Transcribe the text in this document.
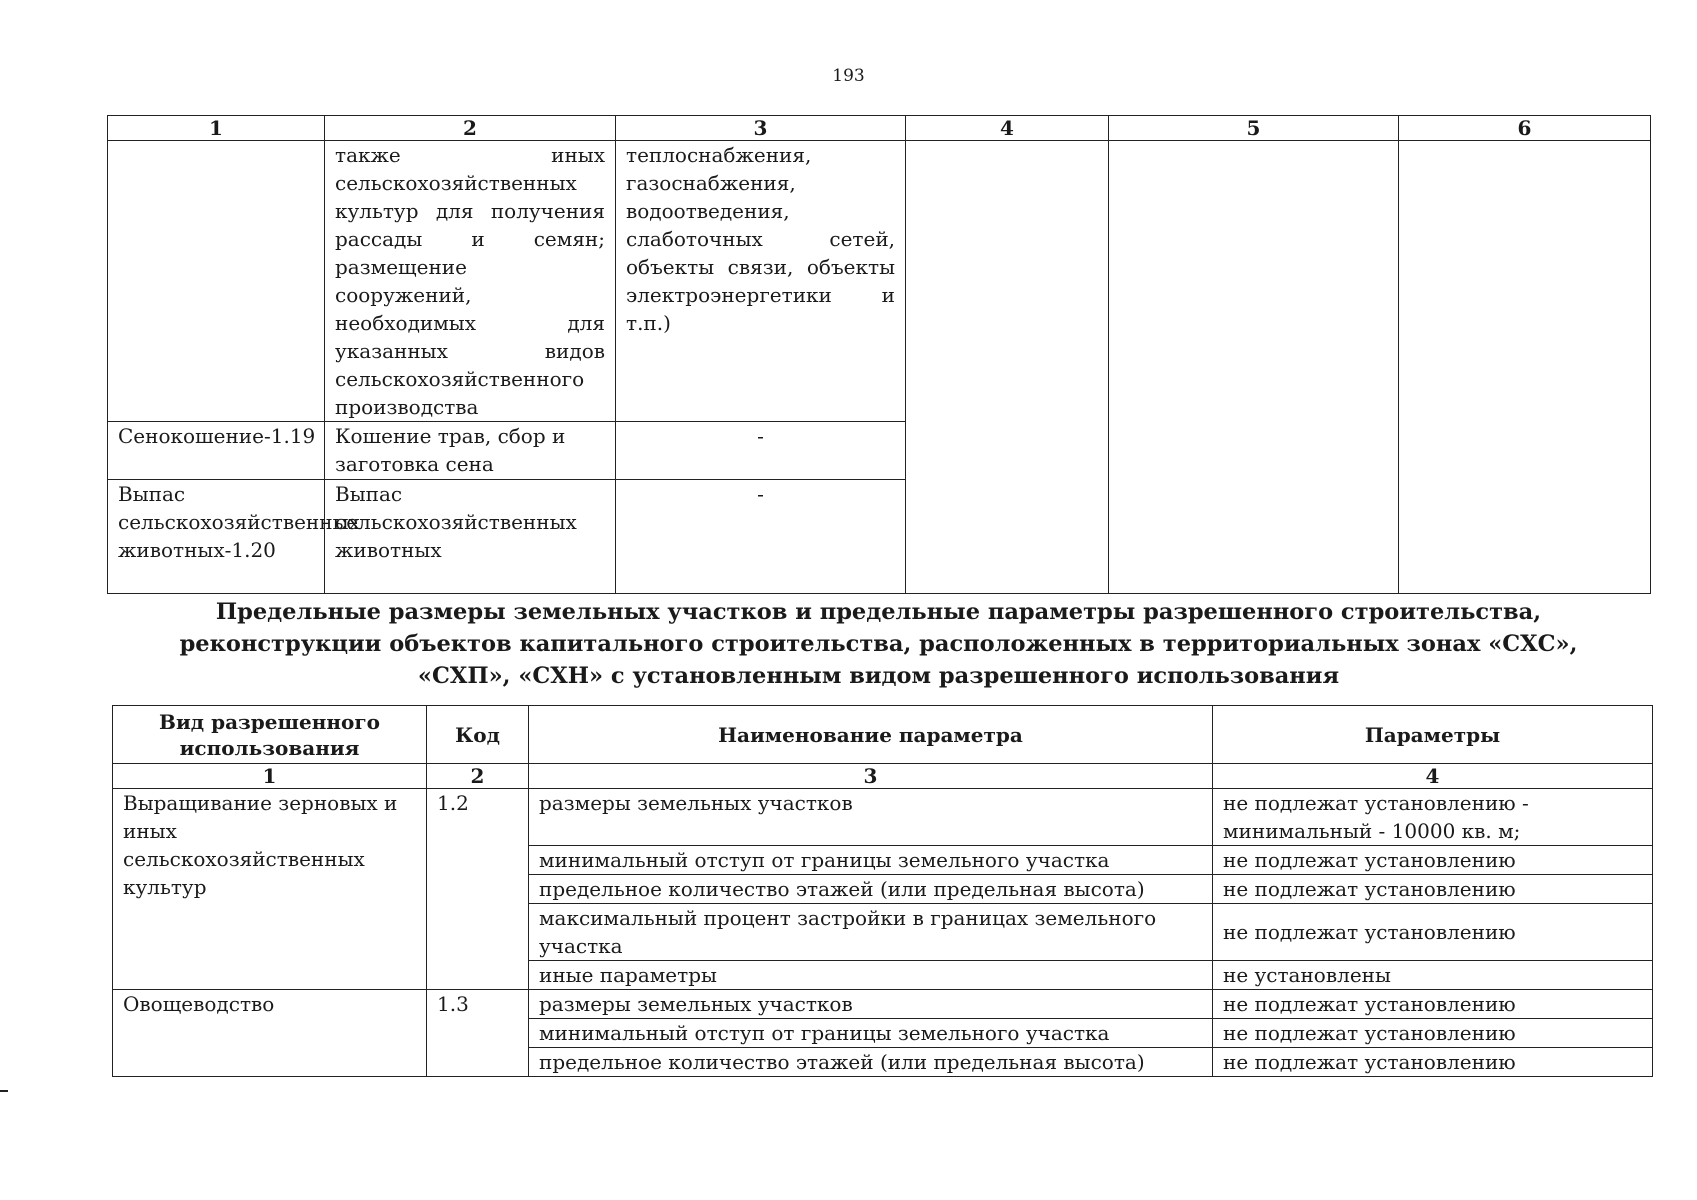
193
1	2	3	4	5	6
	также иных сельскохозяйственных культур для получения рассады и семян; размещение сооружений, необходимых для указанных видов сельскохозяйственного производства	теплоснабжения, газоснабжения, водоотведения, слаботочных сетей, объекты связи, объекты электроэнергетики и т.п.)			
Сенокошение-1.19	Кошение трав, сбор и заготовка сена	-			
Выпас сельскохозяйственных животных-1.20	Выпас сельскохозяйственных животных	-			
Предельные размеры земельных участков и предельные параметры разрешенного строительства,
реконструкции объектов капитального строительства, расположенных в территориальных зонах «СХС»,
«СХП», «СХН» с установленным видом разрешенного использования
Вид разрешенного использования	Код	Наименование параметра	Параметры
1	2	3	4
Выращивание зерновых и иных сельскохозяйственных культур	1.2	размеры земельных участков	не подлежат установлению - минимальный - 10000 кв. м;
		минимальный отступ от границы земельного участка	не подлежат установлению
		предельное количество этажей (или предельная высота)	не подлежат установлению
		максимальный процент застройки в границах земельного участка	не подлежат установлению
		иные параметры	не установлены
Овощеводство	1.3	размеры земельных участков	не подлежат установлению
		минимальный отступ от границы земельного участка	не подлежат установлению
		предельное количество этажей (или предельная высота)	не подлежат установлению
